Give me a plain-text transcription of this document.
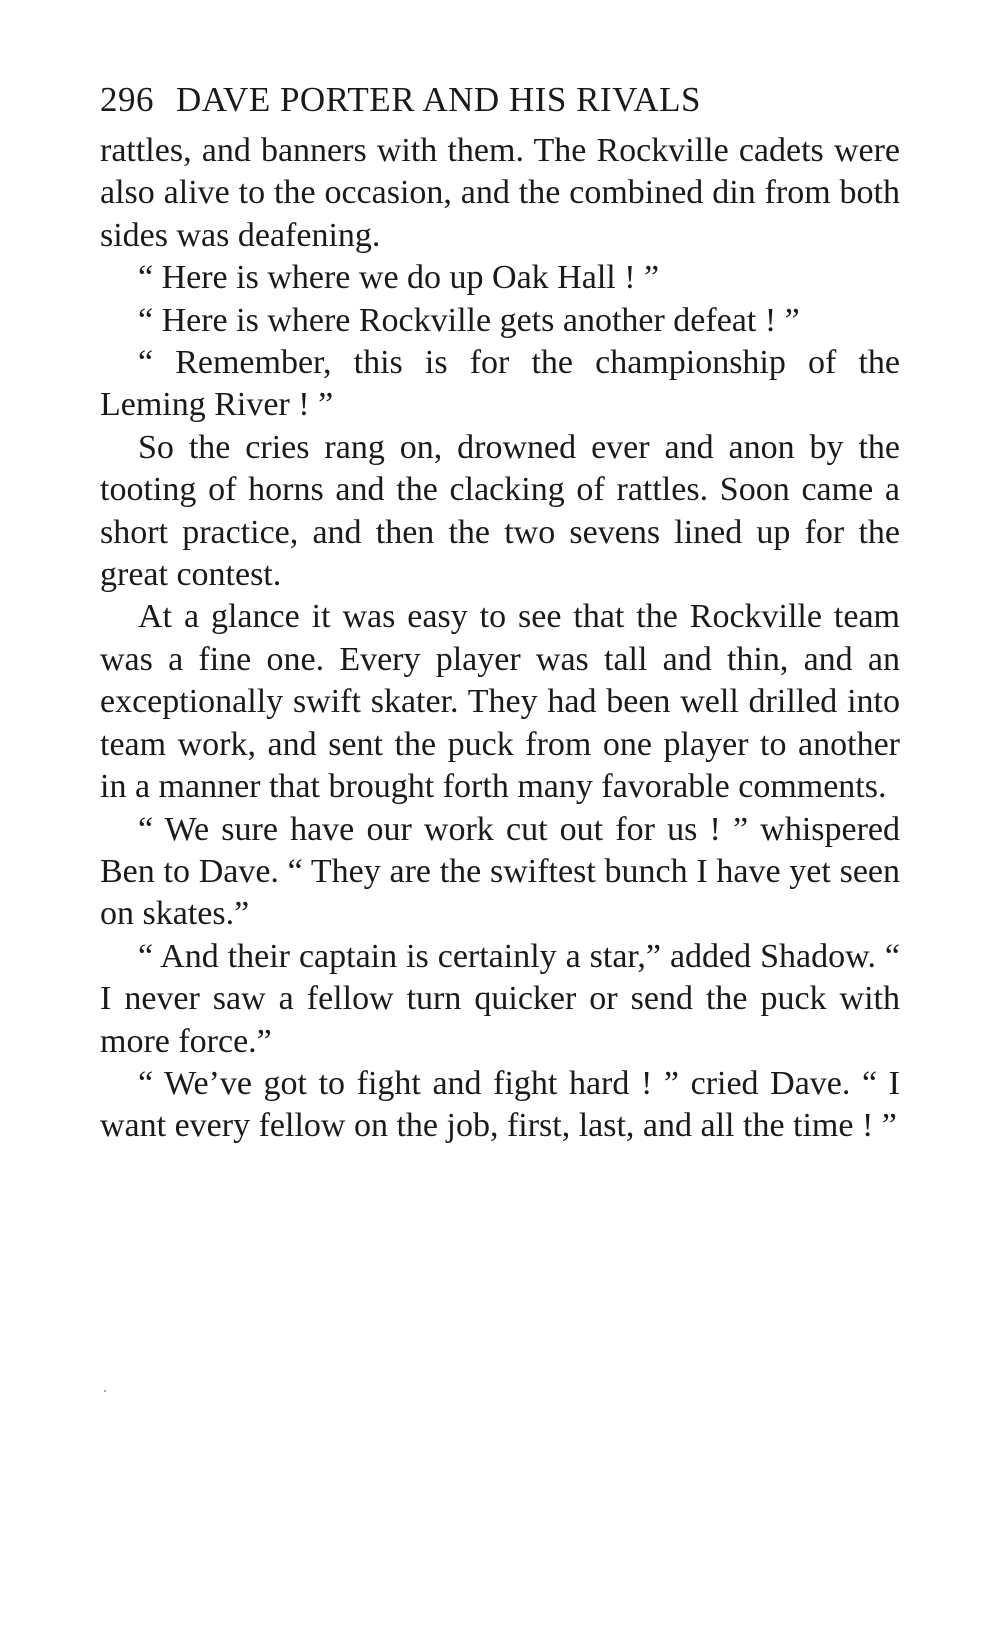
296 DAVE PORTER AND HIS RIVALS

rattles, and banners with them. The Rockville cadets were also alive to the occasion, and the combined din from both sides was deafening.

“ Here is where we do up Oak Hall ! ”

“ Here is where Rockville gets another defeat ! ”

“ Remember, this is for the championship of the Leming River ! ”

So the cries rang on, drowned ever and anon by the tooting of horns and the clacking of rattles. Soon came a short practice, and then the two sevens lined up for the great contest.

At a glance it was easy to see that the Rockville team was a fine one. Every player was tall and thin, and an exceptionally swift skater. They had been well drilled into team work, and sent the puck from one player to another in a manner that brought forth many favorable comments.

“ We sure have our work cut out for us ! ” whispered Ben to Dave. “ They are the swiftest bunch I have yet seen on skates.”

“ And their captain is certainly a star,” added Shadow. “ I never saw a fellow turn quicker or send the puck with more force.”

“ We’ve got to fight and fight hard ! ” cried Dave. “ I want every fellow on the job, first, last, and all the time ! ”
